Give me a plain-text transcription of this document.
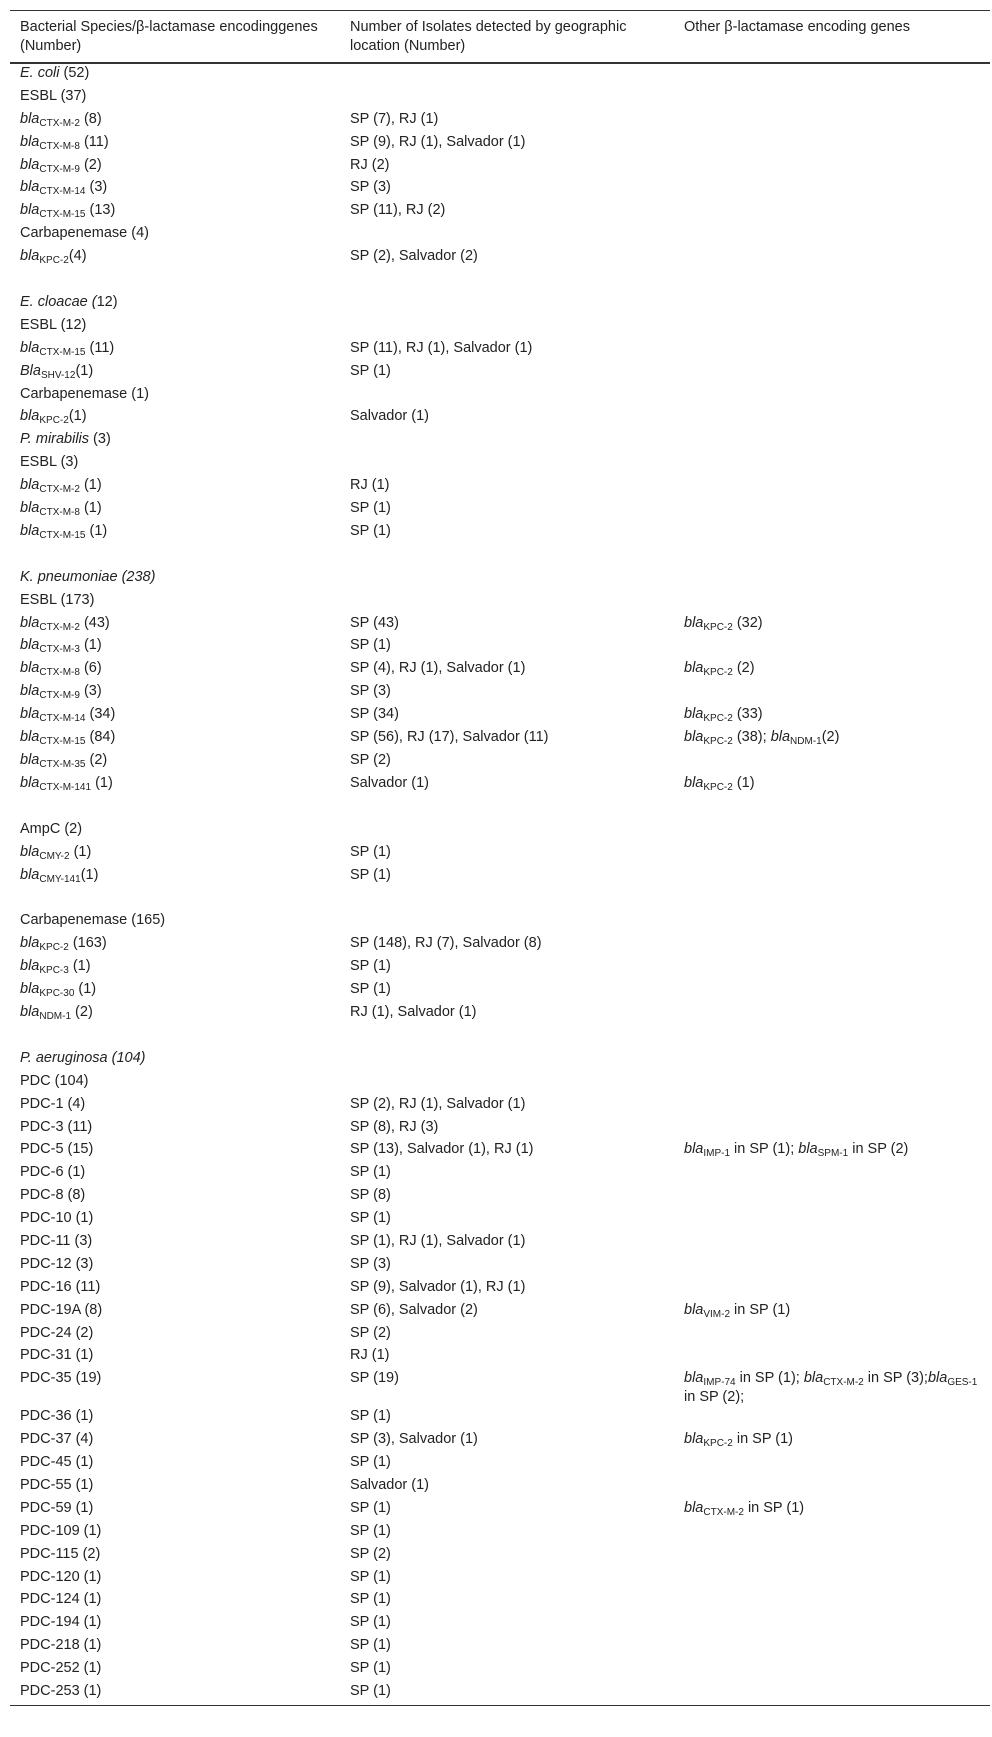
Bacterial Species/β-lactamase encodinggenes (Number)	Number of Isolates detected by geographic location (Number)	Other β-lactamase encoding genes
E. coli (52)		
ESBL (37)		
bla$_{CTX-M-2}$ (8)	SP (7), RJ (1)	
bla$_{CTX-M-8}$ (11)	SP (9), RJ (1), Salvador (1)	
bla$_{CTX-M-9}$ (2)	RJ (2)	
bla$_{CTX-M-14}$ (3)	SP (3)	
bla$_{CTX-M-15}$ (13)	SP (11), RJ (2)	
Carbapenemase (4)		
bla$_{KPC-2}$(4)	SP (2), Salvador (2)	

E. cloacae (12)		
ESBL (12)		
bla$_{CTX-M-15}$ (11)	SP (11), RJ (1), Salvador (1)	
Bla$_{SHV-12}$(1)	SP (1)	
Carbapenemase (1)		
bla$_{KPC-2}$(1)	Salvador (1)	
P. mirabilis (3)		
ESBL (3)		
bla$_{CTX-M-2}$ (1)	RJ (1)	
bla$_{CTX-M-8}$ (1)	SP (1)	
bla$_{CTX-M-15}$ (1)	SP (1)	

K. pneumoniae (238)		
ESBL (173)		
bla$_{CTX-M-2}$ (43)	SP (43)	bla$_{KPC-2}$ (32)
bla$_{CTX-M-3}$ (1)	SP (1)	
bla$_{CTX-M-8}$ (6)	SP (4), RJ (1), Salvador (1)	bla$_{KPC-2}$ (2)
bla$_{CTX-M-9}$ (3)	SP (3)	
bla$_{CTX-M-14}$ (34)	SP (34)	bla$_{KPC-2}$ (33)
bla$_{CTX-M-15}$ (84)	SP (56), RJ (17), Salvador (11)	bla$_{KPC-2}$ (38); bla$_{NDM-1}$(2)
bla$_{CTX-M-35}$ (2)	SP (2)	
bla$_{CTX-M-141}$ (1)	Salvador (1)	bla$_{KPC-2}$ (1)

AmpC (2)		
bla$_{CMY-2}$ (1)	SP (1)	
bla$_{CMY-141}$(1)	SP (1)	

Carbapenemase (165)		
bla$_{KPC-2}$ (163)	SP (148), RJ (7), Salvador (8)	
bla$_{KPC-3}$ (1)	SP (1)	
bla$_{KPC-30}$ (1)	SP (1)	
bla$_{NDM-1}$ (2)	RJ (1), Salvador (1)	

P. aeruginosa (104)		
PDC (104)		
PDC-1 (4)	SP (2), RJ (1), Salvador (1)	
PDC-3 (11)	SP (8), RJ (3)	
PDC-5 (15)	SP (13), Salvador (1), RJ (1)	bla$_{IMP-1}$ in SP (1); bla$_{SPM-1}$ in SP (2)
PDC-6 (1)	SP (1)	
PDC-8 (8)	SP (8)	
PDC-10 (1)	SP (1)	
PDC-11 (3)	SP (1), RJ (1), Salvador (1)	
PDC-12 (3)	SP (3)	
PDC-16 (11)	SP (9), Salvador (1), RJ (1)	
PDC-19A (8)	SP (6), Salvador (2)	bla$_{VIM-2}$ in SP (1)
PDC-24 (2)	SP (2)	
PDC-31 (1)	RJ (1)	
PDC-35 (19)	SP (19)	bla$_{IMP-74}$ in SP (1); bla$_{CTX-M-2}$ in SP (3);bla$_{GES-1}$ in SP (2);
PDC-36 (1)	SP (1)	
PDC-37 (4)	SP (3), Salvador (1)	bla$_{KPC-2}$ in SP (1)
PDC-45 (1)	SP (1)	
PDC-55 (1)	Salvador (1)	
PDC-59 (1)	SP (1)	bla$_{CTX-M-2}$ in SP (1)
PDC-109 (1)	SP (1)	
PDC-115 (2)	SP (2)	
PDC-120 (1)	SP (1)	
PDC-124 (1)	SP (1)	
PDC-194 (1)	SP (1)	
PDC-218 (1)	SP (1)	
PDC-252 (1)	SP (1)	
PDC-253 (1)	SP (1)	
